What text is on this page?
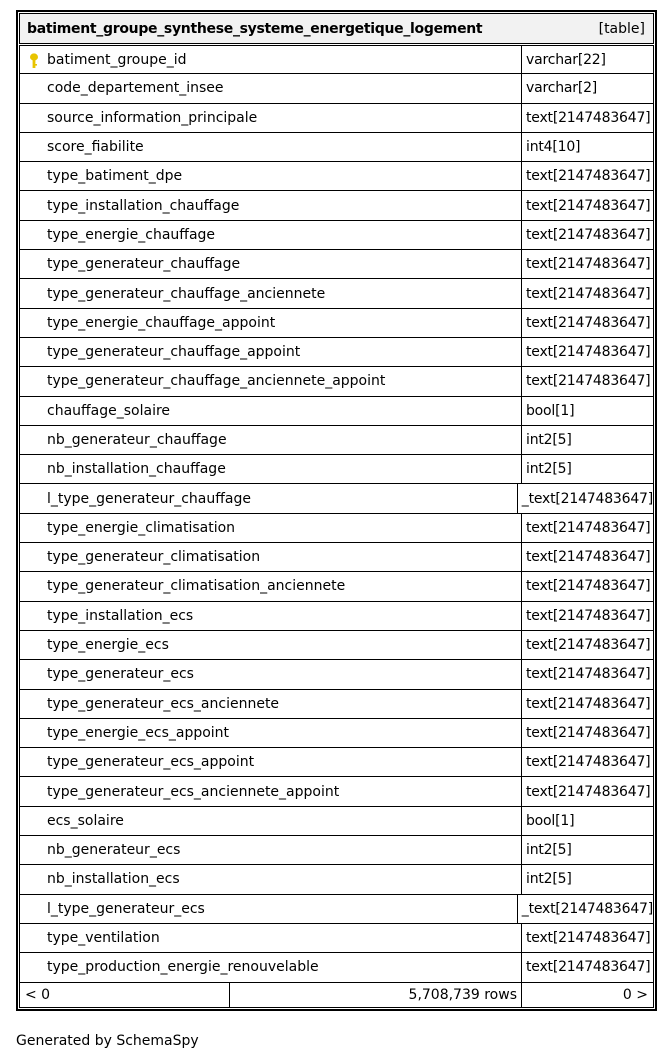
batiment_groupe_synthese_systeme_energetique_logement	[table]
batiment_groupe_id	varchar[22]
code_departement_insee	varchar[2]
source_information_principale	text[2147483647]
score_fiabilite	int4[10]
type_batiment_dpe	text[2147483647]
type_installation_chauffage	text[2147483647]
type_energie_chauffage	text[2147483647]
type_generateur_chauffage	text[2147483647]
type_generateur_chauffage_anciennete	text[2147483647]
type_energie_chauffage_appoint	text[2147483647]
type_generateur_chauffage_appoint	text[2147483647]
type_generateur_chauffage_anciennete_appoint	text[2147483647]
chauffage_solaire	bool[1]
nb_generateur_chauffage	int2[5]
nb_installation_chauffage	int2[5]
l_type_generateur_chauffage	_text[2147483647]
type_energie_climatisation	text[2147483647]
type_generateur_climatisation	text[2147483647]
type_generateur_climatisation_anciennete	text[2147483647]
type_installation_ecs	text[2147483647]
type_energie_ecs	text[2147483647]
type_generateur_ecs	text[2147483647]
type_generateur_ecs_anciennete	text[2147483647]
type_energie_ecs_appoint	text[2147483647]
type_generateur_ecs_appoint	text[2147483647]
type_generateur_ecs_anciennete_appoint	text[2147483647]
ecs_solaire	bool[1]
nb_generateur_ecs	int2[5]
nb_installation_ecs	int2[5]
l_type_generateur_ecs	_text[2147483647]
type_ventilation	text[2147483647]
type_production_energie_renouvelable	text[2147483647]
< 0	5,708,739 rows	0 >
Generated by SchemaSpy
